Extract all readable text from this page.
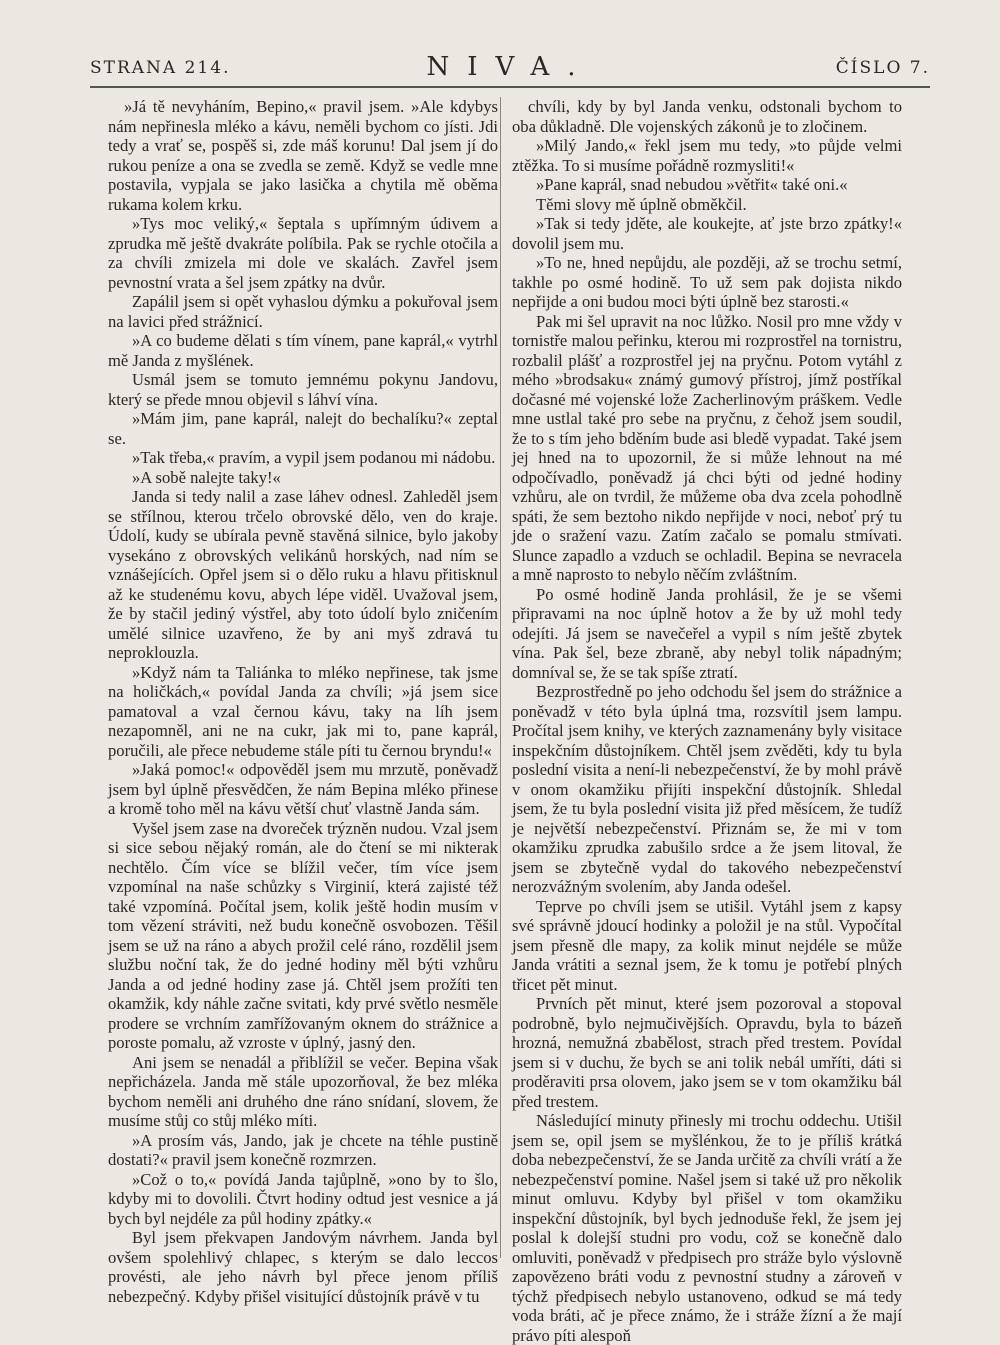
STRANA 214.	NIVA.	ČÍSLO 7.

»Já tě nevyháním, Bepino,« pravil jsem. »Ale kdybys nám nepřinesla mléko a kávu, neměli bychom co jísti. Jdi tedy a vrať se, pospěš si, zde máš korunu! Dal jsem jí do rukou peníze a ona se zvedla se země. Když se vedle mne postavila, vypjala se jako lasička a chytila mě oběma rukama kolem krku.

»Tys moc veliký,« šeptala s upřímným údivem a zprudka mě ještě dvakráte políbila. Pak se rychle otočila a za chvíli zmizela mi dole ve skalách. Zavřel jsem pevnostní vrata a šel jsem zpátky na dvůr.

Zapálil jsem si opět vyhaslou dýmku a pokuřoval jsem na lavici před strážnicí.

»A co budeme dělati s tím vínem, pane kaprál,« vytrhl mě Janda z myšlének.

Usmál jsem se tomuto jemnému pokynu Jandovu, který se přede mnou objevil s láhví vína.

»Mám jim, pane kaprál, nalejt do bechalíku?« zeptal se.

»Tak třeba,« pravím, a vypil jsem podanou mi nádobu.

»A sobě nalejte taky!«

Janda si tedy nalil a zase láhev odnesl. Zahleděl jsem se střílnou, kterou trčelo obrovské dělo, ven do kraje. Údolí, kudy se ubírala pevně stavěná silnice, bylo jakoby vysekáno z obrovských velikánů horských, nad ním se vznášejících. Opřel jsem si o dělo ruku a hlavu přitisknul až ke studenému kovu, abych lépe viděl. Uvažoval jsem, že by stačil jediný výstřel, aby toto údolí bylo zničením umělé silnice uzavřeno, že by ani myš zdravá tu neproklouzla.

»Když nám ta Taliánka to mléko nepřinese, tak jsme na holičkách,« povídal Janda za chvíli; »já jsem sice pamatoval a vzal černou kávu, taky na líh jsem nezapomněl, ani ne na cukr, jak mi to, pane kaprál, poručili, ale přece nebudeme stále píti tu černou bryndu!«

»Jaká pomoc!« odpověděl jsem mu mrzutě, poněvadž jsem byl úplně přesvědčen, že nám Bepina mléko přinese a kromě toho měl na kávu větší chuť vlastně Janda sám.

Vyšel jsem zase na dvoreček trýzněn nudou. Vzal jsem si sice sebou nějaký román, ale do čtení se mi nikterak nechtělo. Čím více se blížil večer, tím více jsem vzpomínal na naše schůzky s Virginií, která zajisté též také vzpomíná. Počítal jsem, kolik ještě hodin musím v tom vězení stráviti, než budu konečně osvobozen. Těšil jsem se už na ráno a abych prožil celé ráno, rozdělil jsem službu noční tak, že do jedné hodiny měl býti vzhůru Janda a od jedné hodiny zase já. Chtěl jsem prožíti ten okamžik, kdy náhle začne svitati, kdy prvé světlo nesměle prodere se vrchním zamřížovaným oknem do strážnice a poroste pomalu, až vzroste v úplný, jasný den.

Ani jsem se nenadál a přiblížil se večer. Bepina však nepřicházela. Janda mě stále upozorňoval, že bez mléka bychom neměli ani druhého dne ráno snídaní, slovem, že musíme stůj co stůj mléko míti.

»A prosím vás, Jando, jak je chcete na téhle pustině dostati?« pravil jsem konečně rozmrzen.

»Což o to,« povídá Janda tajůplně, »ono by to šlo, kdyby mi to dovolili. Čtvrt hodiny odtud jest vesnice a já bych byl nejdéle za půl hodiny zpátky.«

Byl jsem překvapen Jandovým návrhem. Janda byl ovšem spolehlivý chlapec, s kterým se dalo leccos provésti, ale jeho návrh byl přece jenom příliš nebezpečný. Kdyby přišel visitující důstojník právě v tu

chvíli, kdy by byl Janda venku, odstonali bychom to oba důkladně. Dle vojenských zákonů je to zločinem.

»Milý Jando,« řekl jsem mu tedy, »to půjde velmi ztěžka. To si musíme pořádně rozmysliti!«

»Pane kaprál, snad nebudou »větřit« také oni.«

Těmi slovy mě úplně obměkčil.

»Tak si tedy jděte, ale koukejte, ať jste brzo zpátky!« dovolil jsem mu.

»To ne, hned nepůjdu, ale později, až se trochu setmí, takhle po osmé hodině. To už sem pak dojista nikdo nepřijde a oni budou moci býti úplně bez starosti.«

Pak mi šel upravit na noc lůžko. Nosil pro mne vždy v tornistře malou peřinku, kterou mi rozprostřel na tornistru, rozbalil plášť a rozprostřel jej na pryčnu. Potom vytáhl z mého »brodsaku« známý gumový přístroj, jímž postříkal dočasné mé vojenské lože Zacherlinovým práškem. Vedle mne ustlal také pro sebe na pryčnu, z čehož jsem soudil, že to s tím jeho bděním bude asi bledě vypadat. Také jsem jej hned na to upozornil, že si může lehnout na mé odpočívadlo, poněvadž já chci býti od jedné hodiny vzhůru, ale on tvrdil, že můžeme oba dva zcela pohodlně spáti, že sem beztoho nikdo nepřijde v noci, neboť prý tu jde o sražení vazu. Zatím začalo se pomalu stmívati. Slunce zapadlo a vzduch se ochladil. Bepina se nevracela a mně naprosto to nebylo něčím zvláštním.

Po osmé hodině Janda prohlásil, že je se všemi připravami na noc úplně hotov a že by už mohl tedy odejíti. Já jsem se navečeřel a vypil s ním ještě zbytek vína. Pak šel, beze zbraně, aby nebyl tolik nápadným; domníval se, že se tak spíše ztratí.

Bezprostředně po jeho odchodu šel jsem do strážnice a poněvadž v této byla úplná tma, rozsvítil jsem lampu. Pročítal jsem knihy, ve kterých zaznamenány byly visitace inspekčním důstojníkem. Chtěl jsem zvěděti, kdy tu byla poslední visita a není-li nebezpečenství, že by mohl právě v onom okamžiku přijíti inspekční důstojník. Shledal jsem, že tu byla poslední visita již před měsícem, že tudíž je největší nebezpečenství. Přiznám se, že mi v tom okamžiku zprudka zabušilo srdce a že jsem litoval, že jsem se zbytečně vydal do takového nebezpečenství nerozvážným svolením, aby Janda odešel.

Teprve po chvíli jsem se utišil. Vytáhl jsem z kapsy své správně jdoucí hodinky a položil je na stůl. Vypočítal jsem přesně dle mapy, za kolik minut nejdéle se může Janda vrátiti a seznal jsem, že k tomu je potřebí plných třicet pět minut.

Prvních pět minut, které jsem pozoroval a stopoval podrobně, bylo nejmučivějších. Opravdu, byla to bázeň hrozná, nemužná zbabělost, strach před trestem. Povídal jsem si v duchu, že bych se ani tolik nebál umříti, dáti si proděraviti prsa olovem, jako jsem se v tom okamžiku bál před trestem.

Následující minuty přinesly mi trochu oddechu. Utišil jsem se, opil jsem se myšlénkou, že to je příliš krátká doba nebezpečenství, že se Janda určitě za chvíli vrátí a že nebezpečenství pomine. Našel jsem si také už pro několik minut omluvu. Kdyby byl přišel v tom okamžiku inspekční důstojník, byl bych jednoduše řekl, že jsem jej poslal k dolejší studni pro vodu, což se konečně dalo omluviti, poněvadž v předpisech pro stráže bylo výslovně zapovězeno bráti vodu z pevnostní studny a zároveň v týchž předpisech nebylo ustanoveno, odkud se má tedy voda bráti, ač je přece známo, že i stráže žízní a že mají právo píti alespoň
